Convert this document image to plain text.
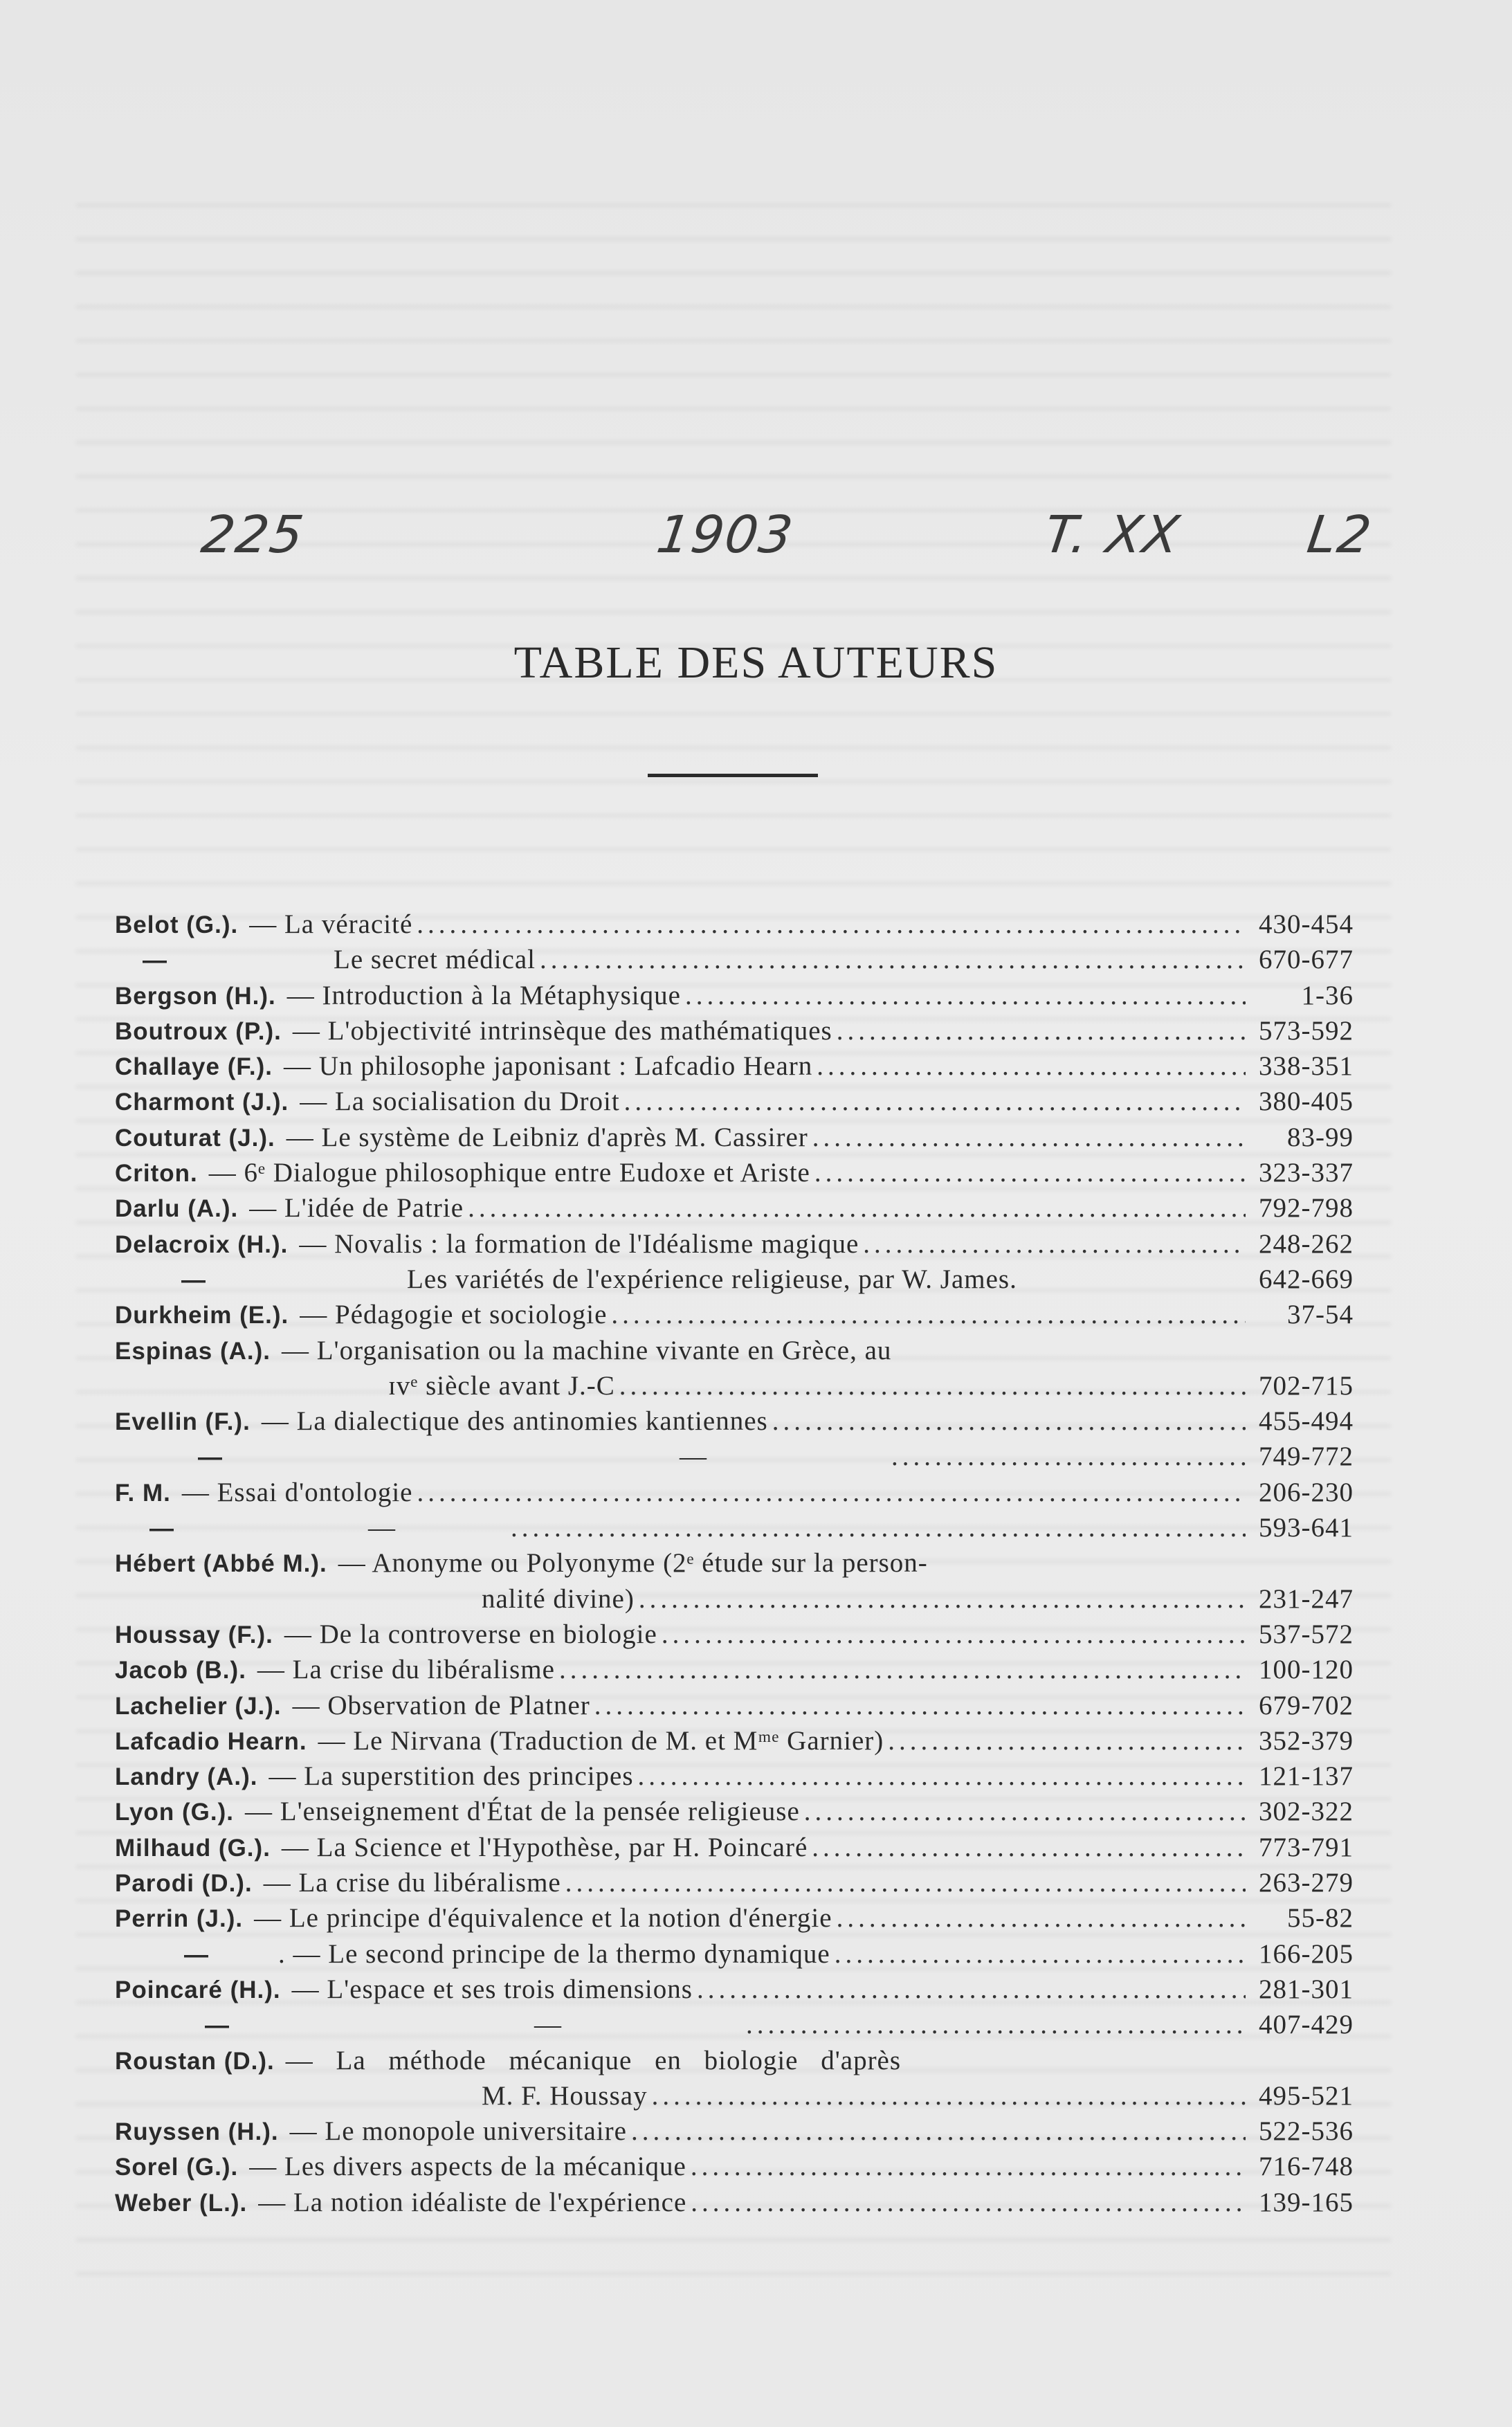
225	1903	T. XX L2
TABLE DES AUTEURS
Belot (G.). — La véracité .....	430-454
—	Le secret médical .....	670-677
Bergson (H.). — Introduction à la Métaphysique .....	1-36
Boutroux (P.). — L'objectivité intrinsèque des mathématiques .....	573-592
Challaye (F.). — Un philosophe japonisant : Lafcadio Hearn .....	338-351
Charmont (J.). — La socialisation du Droit .....	380-405
Couturat (J.). — Le système de Leibniz d'après M. Cassirer .....	83-99
Criton. — 6ᵉ Dialogue philosophique entre Eudoxe et Ariste .....	323-337
Darlu (A.). — L'idée de Patrie .....	792-798
Delacroix (H.). — Novalis : la formation de l'Idéalisme magique .....	248-262
—	Les variétés de l'expérience religieuse, par W. James.	642-669
Durkheim (E.). — Pédagogie et sociologie .....	37-54
Espinas (A.). — L'organisation ou la machine vivante en Grèce, au
ɪvᵉ siècle avant J.-C .....	702-715
Evellin (F.). — La dialectique des antinomies kantiennes .....	455-494
—	— .....	749-772
F. M. — Essai d'ontologie .....	206-230
—	— .....	593-641
Hébert (Abbé M.). — Anonyme ou Polyonyme (2ᵉ étude sur la person-
nalité divine) .....	231-247
Houssay (F.). — De la controverse en biologie .....	537-572
Jacob (B.). — La crise du libéralisme .....	100-120
Lachelier (J.). — Observation de Platner .....	679-702
Lafcadio Hearn. — Le Nirvana (Traduction de M. et Mᵐᵉ Garnier) .....	352-379
Landry (A.). — La superstition des principes .....	121-137
Lyon (G.). — L'enseignement d'État de la pensée religieuse .....	302-322
Milhaud (G.). — La Science et l'Hypothèse, par H. Poincaré .....	773-791
Parodi (D.). — La crise du libéralisme .....	263-279
Perrin (J.). — Le principe d'équivalence et la notion d'énergie .....	55-82
—	. — Le second principe de la thermo dynamique .....	166-205
Poincaré (H.). — L'espace et ses trois dimensions .....	281-301
—	— .....	407-429
Roustan (D.). — La méthode mécanique en biologie d'après
M. F. Houssay .....	495-521
Ruyssen (H.). — Le monopole universitaire .....	522-536
Sorel (G.). — Les divers aspects de la mécanique .....	716-748
Weber (L.). — La notion idéaliste de l'expérience .....	139-165
